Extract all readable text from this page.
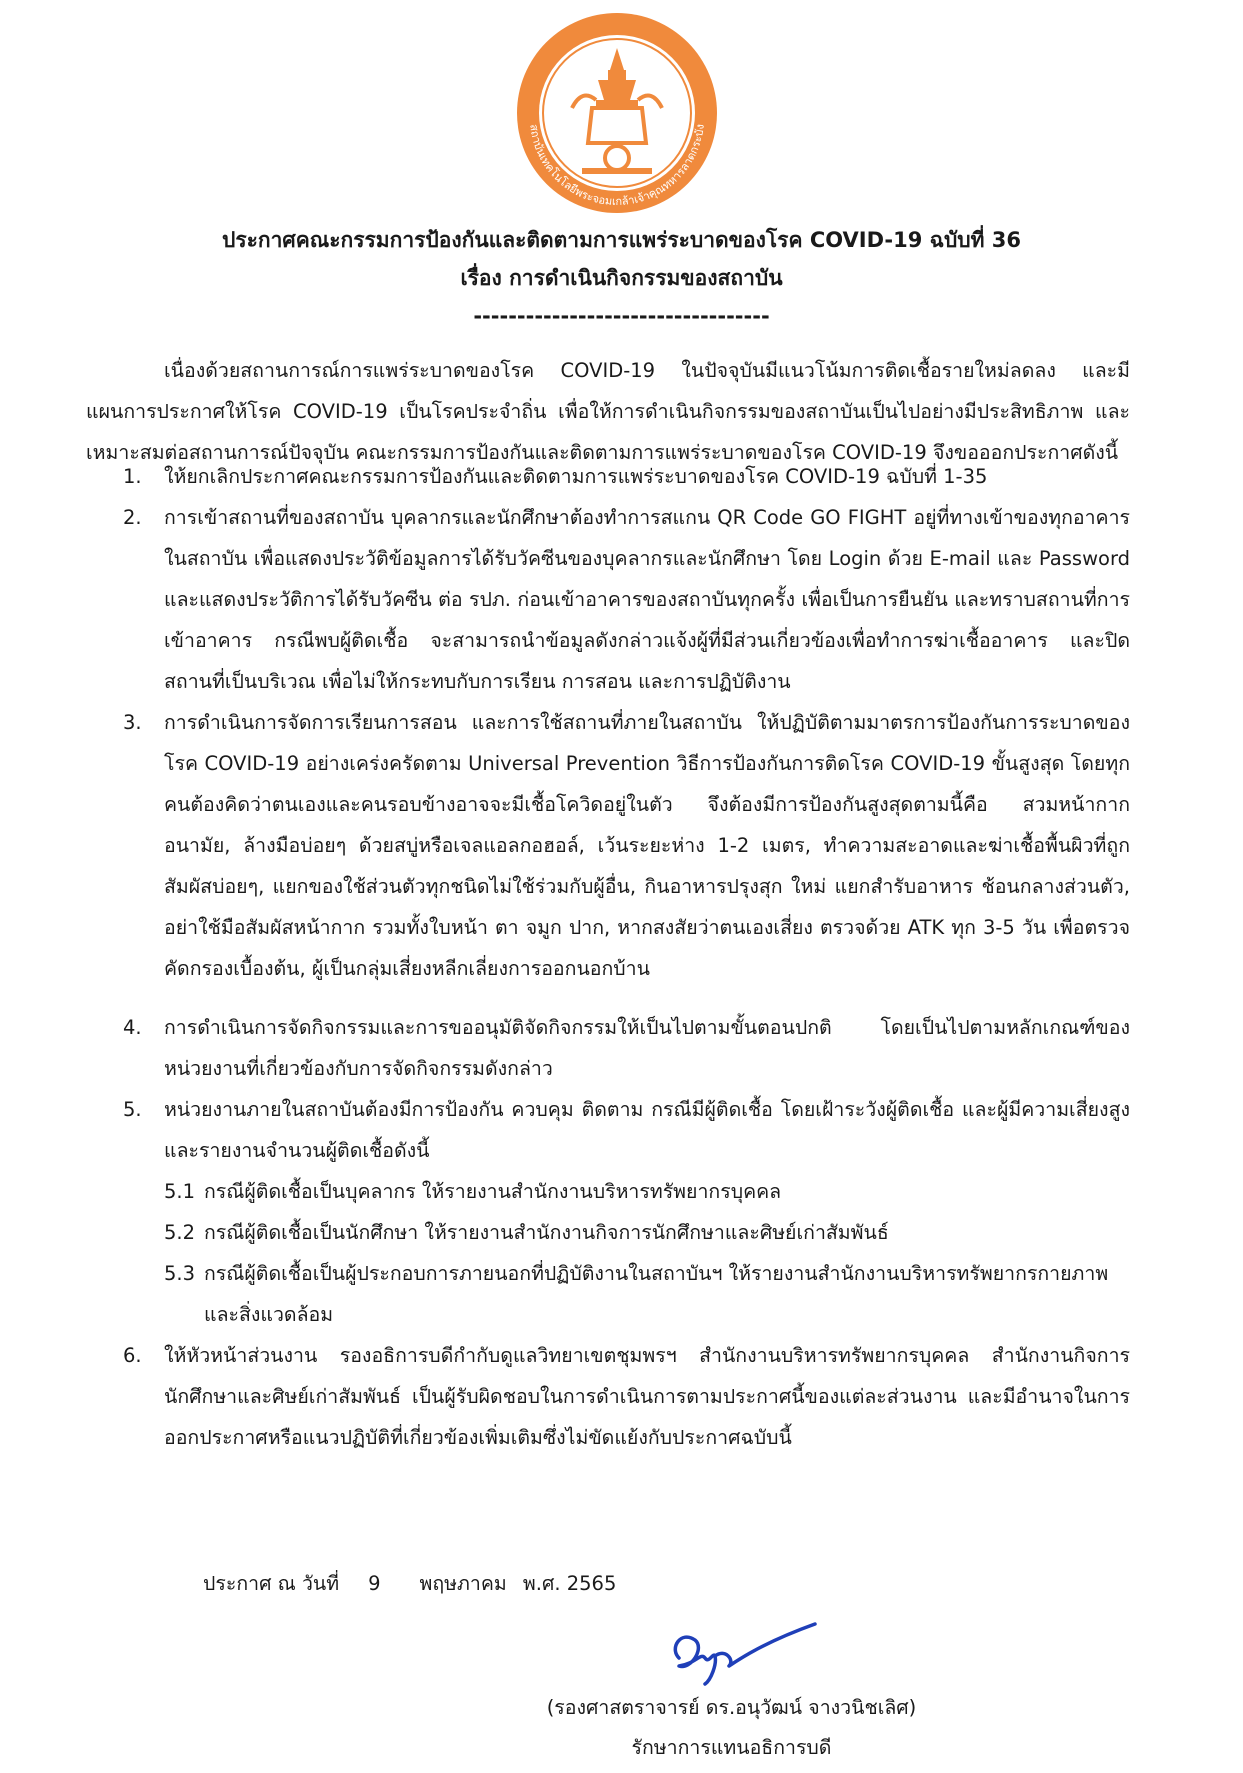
สถาบันเทคโนโลยีพระจอมเกล้าเจ้าคุณทหารลาดกระบัง
ประกาศคณะกรรมการป้องกันและติดตามการแพร่ระบาดของโรค COVID-19 ฉบับที่ 36
เรื่อง การดำเนินกิจกรรมของสถาบัน
----------------------------------
เนื่องด้วยสถานการณ์การแพร่ระบาดของโรค COVID-19 ในปัจจุบันมีแนวโน้มการติดเชื้อรายใหม่ลดลง และมีแผนการประกาศให้โรค COVID-19 เป็นโรคประจำถิ่น เพื่อให้การดำเนินกิจกรรมของสถาบันเป็นไปอย่างมีประสิทธิภาพ และเหมาะสมต่อสถานการณ์ปัจจุบัน คณะกรรมการป้องกันและติดตามการแพร่ระบาดของโรค COVID-19 จึงขอออกประกาศดังนี้
1. ให้ยกเลิกประกาศคณะกรรมการป้องกันและติดตามการแพร่ระบาดของโรค COVID-19 ฉบับที่ 1-35
2. การเข้าสถานที่ของสถาบัน บุคลากรและนักศึกษาต้องทำการสแกน QR Code GO FIGHT อยู่ที่ทางเข้าของทุกอาคารในสถาบัน เพื่อแสดงประวัติข้อมูลการได้รับวัคซีนของบุคลากรและนักศึกษา โดย Login ด้วย E-mail และ Password และแสดงประวัติการได้รับวัคซีน ต่อ รปภ. ก่อนเข้าอาคารของสถาบันทุกครั้ง เพื่อเป็นการยืนยัน และทราบสถานที่การเข้าอาคาร กรณีพบผู้ติดเชื้อ จะสามารถนำข้อมูลดังกล่าวแจ้งผู้ที่มีส่วนเกี่ยวข้องเพื่อทำการฆ่าเชื้ออาคาร และปิดสถานที่เป็นบริเวณ เพื่อไม่ให้กระทบกับการเรียน การสอน และการปฏิบัติงาน
3. การดำเนินการจัดการเรียนการสอน และการใช้สถานที่ภายในสถาบัน ให้ปฏิบัติตามมาตรการป้องกันการระบาดของโรค COVID-19 อย่างเคร่งครัดตาม Universal Prevention วิธีการป้องกันการติดโรค COVID-19 ขั้นสูงสุด โดยทุกคนต้องคิดว่าตนเองและคนรอบข้างอาจจะมีเชื้อโควิดอยู่ในตัว จึงต้องมีการป้องกันสูงสุดตามนี้คือ สวมหน้ากากอนามัย, ล้างมือบ่อยๆ ด้วยสบู่หรือเจลแอลกอฮอล์, เว้นระยะห่าง 1-2 เมตร, ทำความสะอาดและฆ่าเชื้อพื้นผิวที่ถูกสัมผัสบ่อยๆ, แยกของใช้ส่วนตัวทุกชนิดไม่ใช้ร่วมกับผู้อื่น, กินอาหารปรุงสุก ใหม่ แยกสำรับอาหาร ช้อนกลางส่วนตัว, อย่าใช้มือสัมผัสหน้ากาก รวมทั้งใบหน้า ตา จมูก ปาก, หากสงสัยว่าตนเองเสี่ยง ตรวจด้วย ATK ทุก 3-5 วัน เพื่อตรวจคัดกรองเบื้องต้น, ผู้เป็นกลุ่มเสี่ยงหลีกเลี่ยงการออกนอกบ้าน
4. การดำเนินการจัดกิจกรรมและการขออนุมัติจัดกิจกรรมให้เป็นไปตามขั้นตอนปกติ โดยเป็นไปตามหลักเกณฑ์ของหน่วยงานที่เกี่ยวข้องกับการจัดกิจกรรมดังกล่าว
5. หน่วยงานภายในสถาบันต้องมีการป้องกัน ควบคุม ติดตาม กรณีมีผู้ติดเชื้อ โดยเฝ้าระวังผู้ติดเชื้อ และผู้มีความเสี่ยงสูง และรายงานจำนวนผู้ติดเชื้อดังนี้
5.1 กรณีผู้ติดเชื้อเป็นบุคลากร ให้รายงานสำนักงานบริหารทรัพยากรบุคคล
5.2 กรณีผู้ติดเชื้อเป็นนักศึกษา ให้รายงานสำนักงานกิจการนักศึกษาและศิษย์เก่าสัมพันธ์
5.3 กรณีผู้ติดเชื้อเป็นผู้ประกอบการภายนอกที่ปฏิบัติงานในสถาบันฯ ให้รายงานสำนักงานบริหารทรัพยากรกายภาพและสิ่งแวดล้อม
6. ให้หัวหน้าส่วนงาน รองอธิการบดีกำกับดูแลวิทยาเขตชุมพรฯ สำนักงานบริหารทรัพยากรบุคคล สำนักงานกิจการนักศึกษาและศิษย์เก่าสัมพันธ์ เป็นผู้รับผิดชอบในการดำเนินการตามประกาศนี้ของแต่ละส่วนงาน และมีอำนาจในการออกประกาศหรือแนวปฏิบัติที่เกี่ยวข้องเพิ่มเติมซึ่งไม่ขัดแย้งกับประกาศฉบับนี้
ประกาศ ณ วันที่ 9 พฤษภาคม พ.ศ. 2565
(รองศาสตราจารย์ ดร.อนุวัฒน์ จางวนิชเลิศ)
รักษาการแทนอธิการบดี
